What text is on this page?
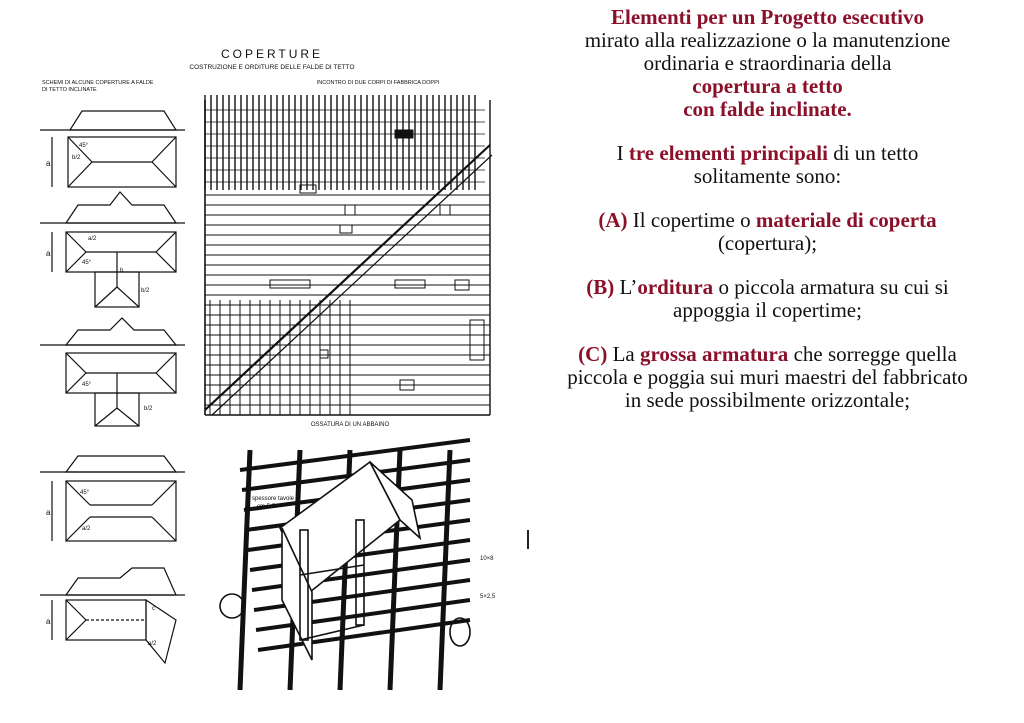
COPERTURE
COSTRUZIONE E ORDITURE DELLE FALDE DI TETTO
SCHEMI DI ALCUNE COPERTURE A FALDE
DI TETTO INCLINATE
INCONTRO DI DUE CORPI DI FABBRICA DOPPI
OSSATURA DI UN ABBAINO
a
45°
b/2
a
a/2
45°
b
b/2
45°
b/2
a
45°
a/2
a
a/2
c
spessore tavole
cm 5-5
10×8
5×2,5
Elementi per un Progetto esecutivo
mirato alla realizzazione o la manutenzione
ordinaria e straordinaria della
copertura a tetto
con falde inclinate.
I tre elementi principali di un tetto
solitamente sono:
(A) Il copertime o materiale di coperta
(copertura);
(B) L’orditura o piccola armatura su cui si
appoggia il copertime;
(C) La grossa armatura che sorregge quella
piccola e poggia sui muri maestri del fabbricato
in sede possibilmente orizzontale;
